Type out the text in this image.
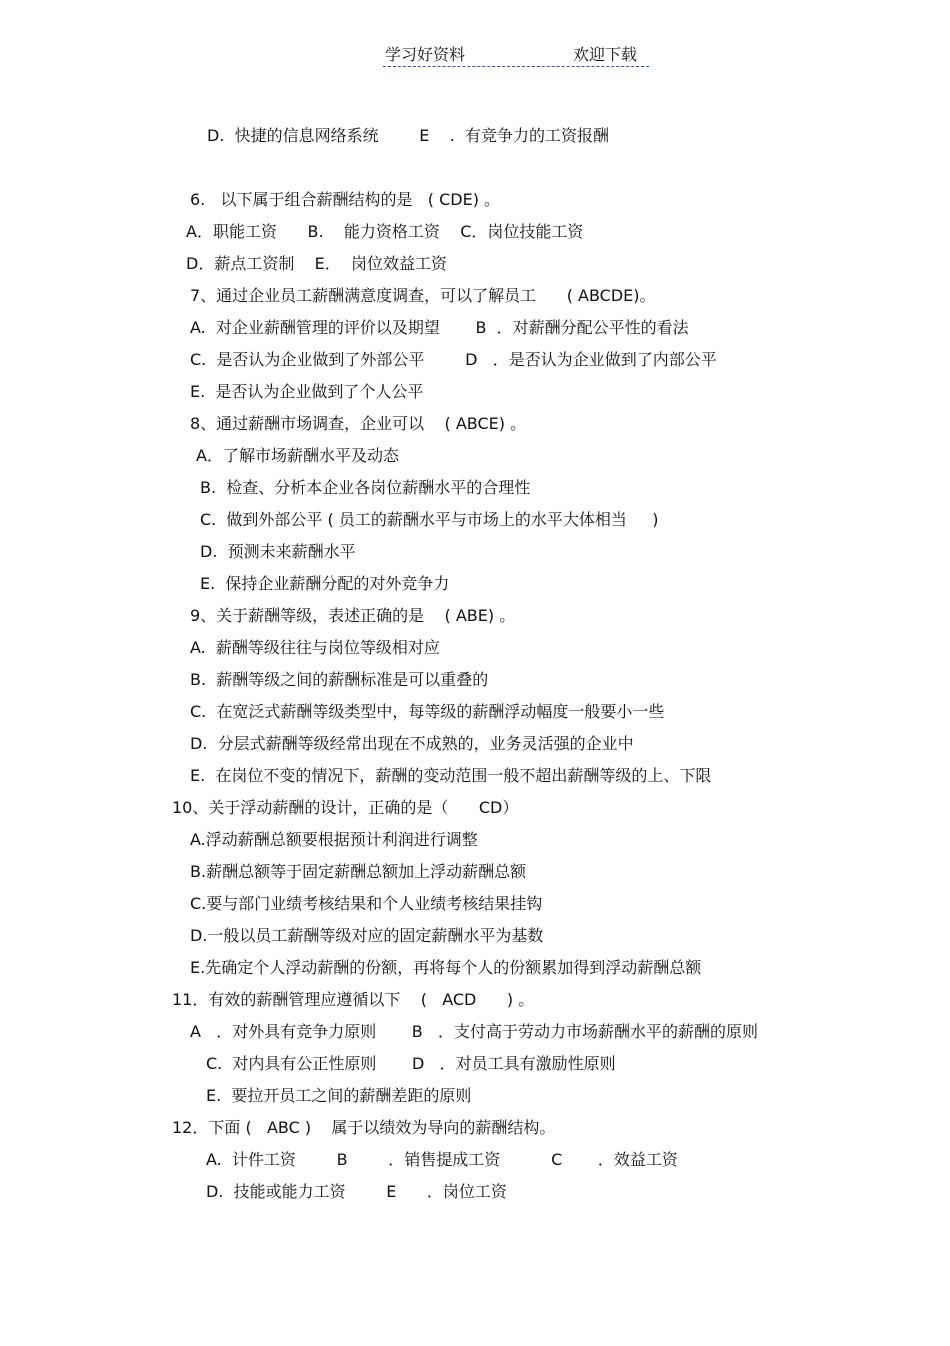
学习好资料	欢迎下载
D.  快捷的信息网络系统        E    .  有竞争力的工资报酬
6.   以下属于组合薪酬结构的是   ( CDE) 。
A．职能工资      B.    能力资格工资    C．岗位技能工资
D．薪点工资制    E．  岗位效益工资
7、通过企业员工薪酬满意度调查，可以了解员工      ( ABCDE)。
A.  对企业薪酬管理的评价以及期望       B  ．对薪酬分配公平性的看法
C.  是否认为企业做到了外部公平        D   ．是否认为企业做到了内部公平
E.  是否认为企业做到了个人公平
8、通过薪酬市场调查，企业可以    ( ABCE) 。
A．了解市场薪酬水平及动态
B.  检查、分析本企业各岗位薪酬水平的合理性
C.  做到外部公平 ( 员工的薪酬水平与市场上的水平大体相当     )
D.  预测未来薪酬水平
E.  保持企业薪酬分配的对外竞争力
9、关于薪酬等级，表述正确的是    ( ABE) 。
A.  薪酬等级往往与岗位等级相对应
B.  薪酬等级之间的薪酬标准是可以重叠的
C.  在宽泛式薪酬等级类型中，每等级的薪酬浮动幅度一般要小一些
D.  分层式薪酬等级经常出现在不成熟的，业务灵活强的企业中
E.  在岗位不变的情况下，薪酬的变动范围一般不超出薪酬等级的上、下限
10、关于浮动薪酬的设计，正确的是（      CD）
A.浮动薪酬总额要根据预计利润进行调整
B.薪酬总额等于固定薪酬总额加上浮动薪酬总额
C.要与部门业绩考核结果和个人业绩考核结果挂钩
D.一般以员工薪酬等级对应的固定薪酬水平为基数
E.先确定个人浮动薪酬的份额，再将每个人的份额累加得到浮动薪酬总额
11．有效的薪酬管理应遵循以下    (   ACD      ) 。
A   ．对外具有竞争力原则       B   ．支付高于劳动力市场薪酬水平的薪酬的原则
C.  对内具有公正性原则       D   ．对员工具有激励性原则
E.  要拉开员工之间的薪酬差距的原则
12．下面 (   ABC )    属于以绩效为导向的薪酬结构。
A.  计件工资        B        ．销售提成工资          C       ．效益工资
D.  技能或能力工资        E      ．岗位工资
